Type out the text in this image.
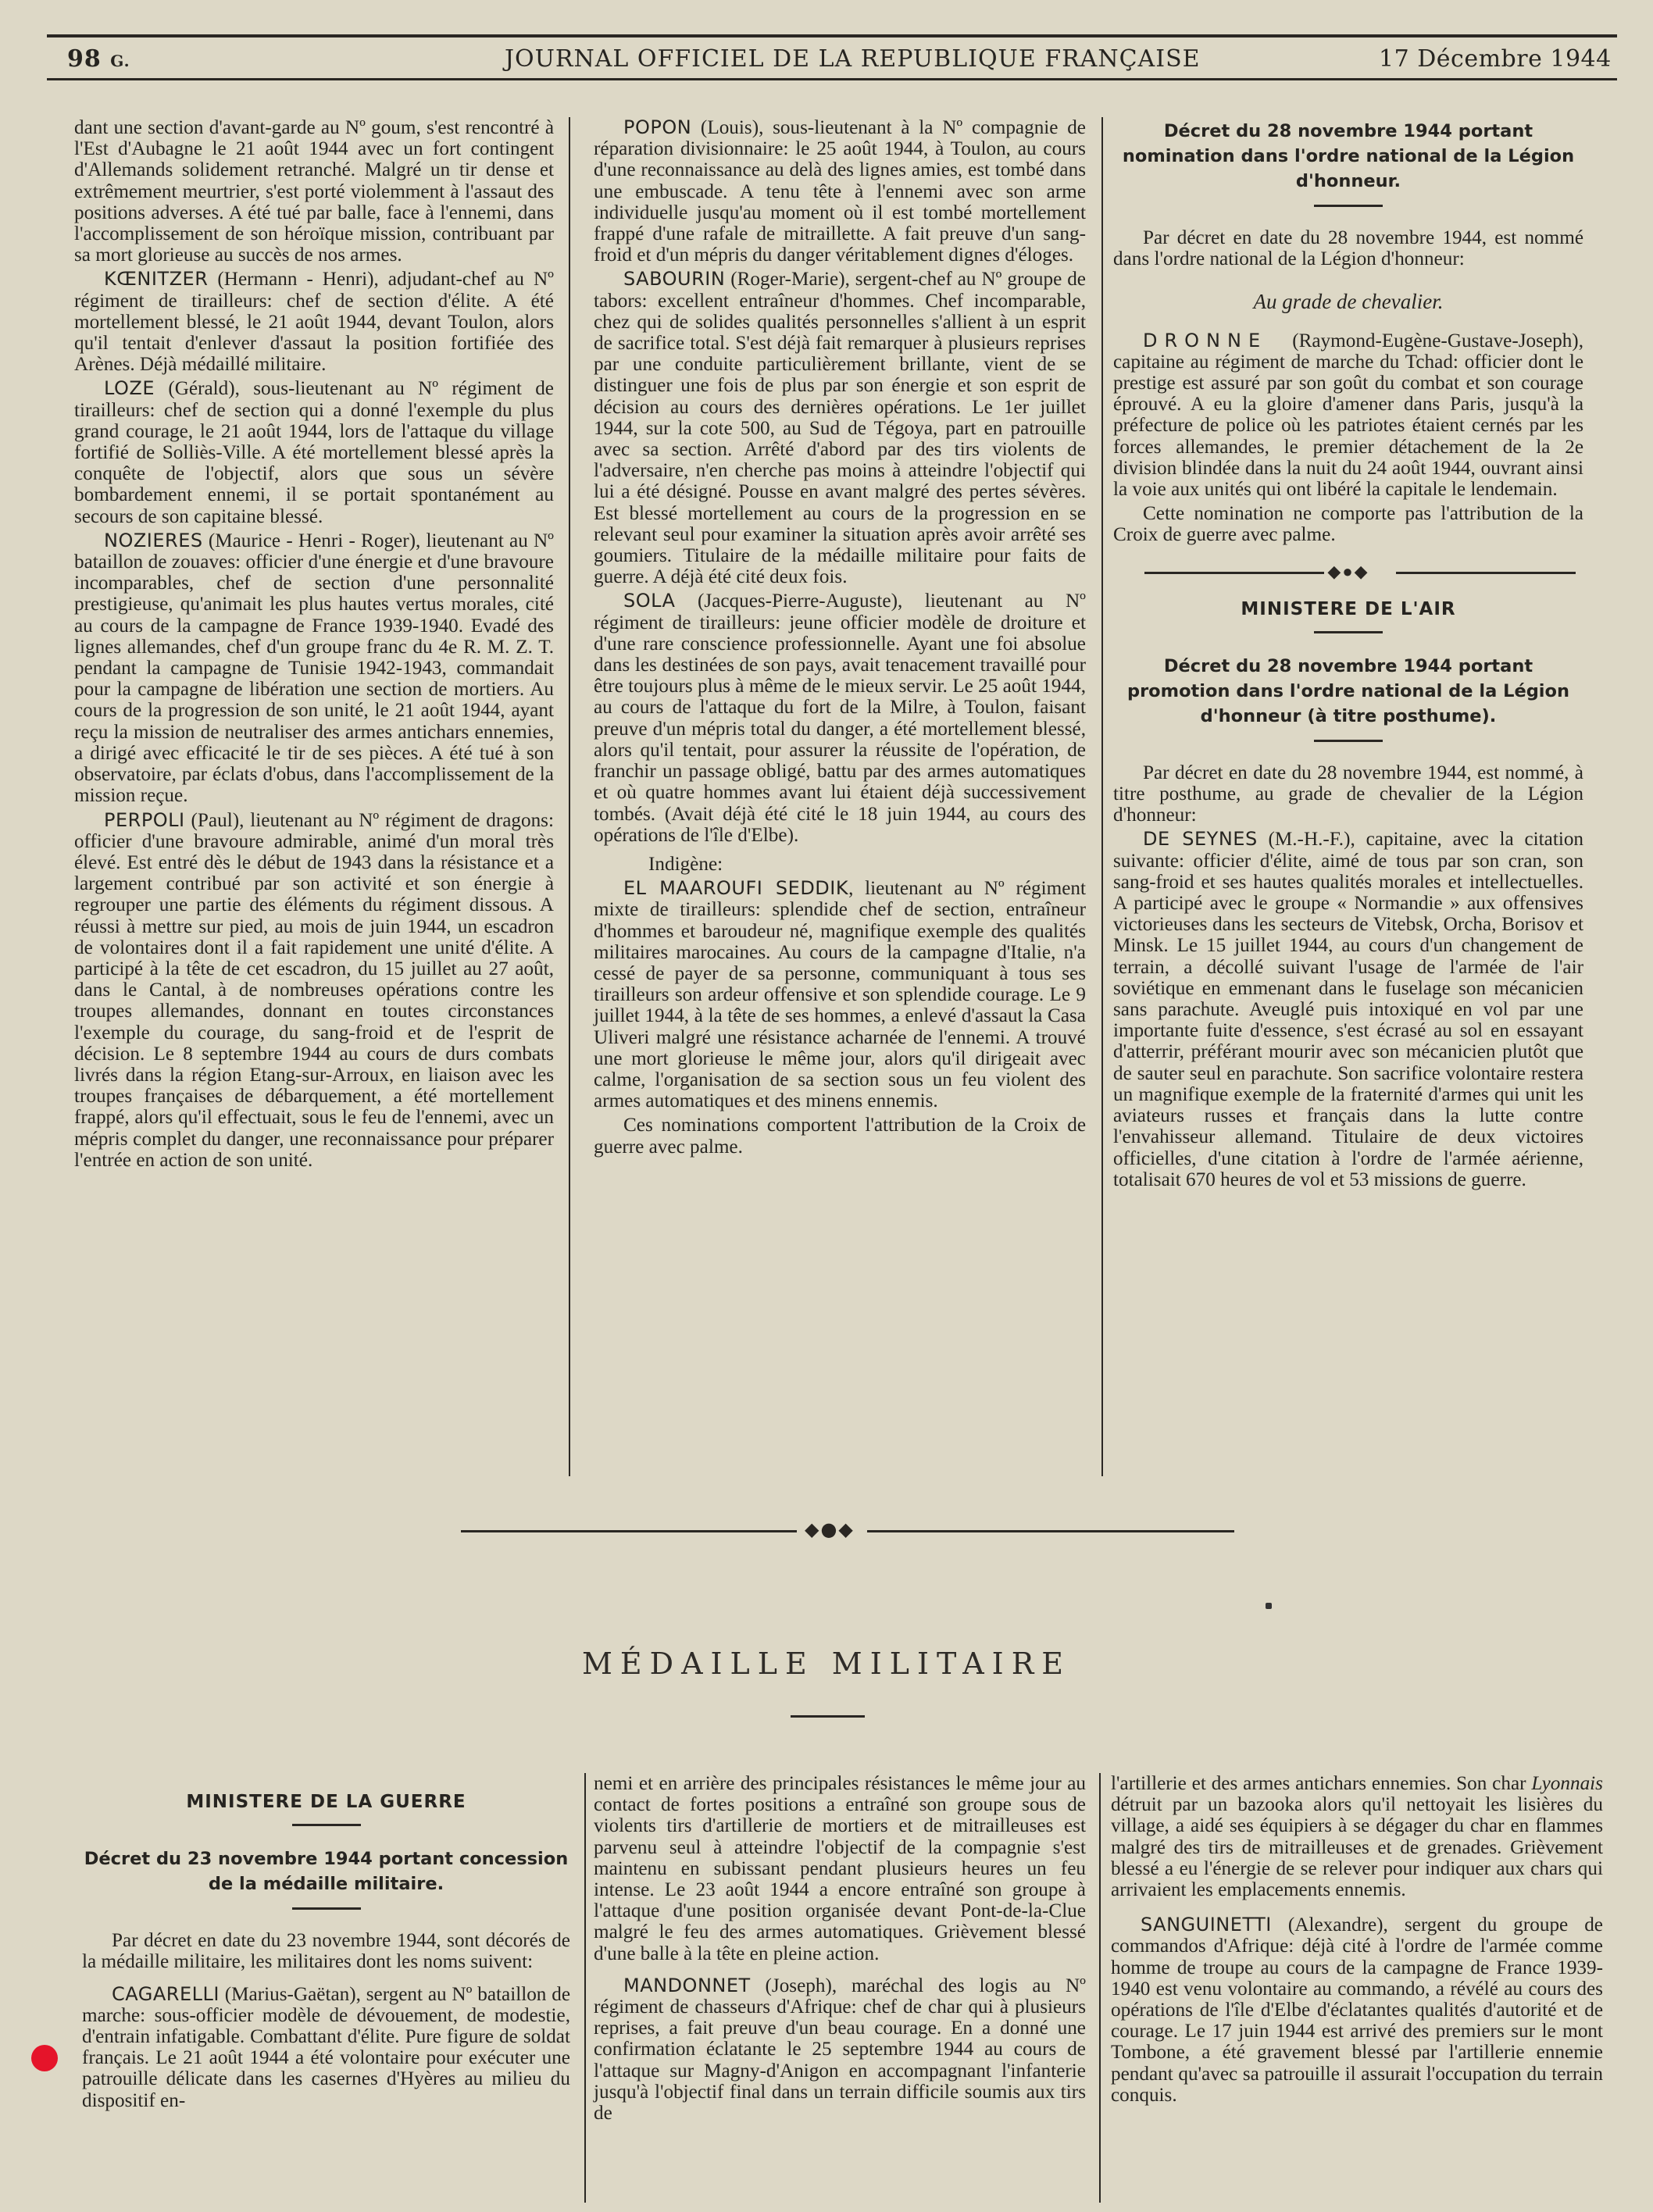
98 G.	JOURNAL OFFICIEL DE LA REPUBLIQUE FRANÇAISE	17 Décembre 1944

dant une section d'avant-garde au Nº goum, s'est rencontré à l'Est d'Aubagne le 21 août 1944 avec un fort contingent d'Allemands solidement retranché. Malgré un tir dense et extrêmement meurtrier, s'est porté violemment à l'assaut des positions adverses. A été tué par balle, face à l'ennemi, dans l'accomplissement de son héroïque mission, contribuant par sa mort glorieuse au succès de nos armes.

KŒNITZER (Hermann - Henri), adjudant-chef au Nº régiment de tirailleurs: chef de section d'élite. A été mortellement blessé, le 21 août 1944, devant Toulon, alors qu'il tentait d'enlever d'assaut la position fortifiée des Arènes. Déjà médaillé militaire.

LOZE (Gérald), sous-lieutenant au Nº régiment de tirailleurs: chef de section qui a donné l'exemple du plus grand courage, le 21 août 1944, lors de l'attaque du village fortifié de Solliès-Ville. A été mortellement blessé après la conquête de l'objectif, alors que sous un sévère bombardement ennemi, il se portait spontanément au secours de son capitaine blessé.

NOZIERES (Maurice - Henri - Roger), lieutenant au Nº bataillon de zouaves: officier d'une énergie et d'une bravoure incomparables, chef de section d'une personnalité prestigieuse, qu'animait les plus hautes vertus morales, cité au cours de la campagne de France 1939-1940. Evadé des lignes allemandes, chef d'un groupe franc du 4e R. M. Z. T. pendant la campagne de Tunisie 1942-1943, commandait pour la campagne de libération une section de mortiers. Au cours de la progression de son unité, le 21 août 1944, ayant reçu la mission de neutraliser des armes antichars ennemies, a dirigé avec efficacité le tir de ses pièces. A été tué à son observatoire, par éclats d'obus, dans l'accomplissement de la mission reçue.

PERPOLI (Paul), lieutenant au Nº régiment de dragons: officier d'une bravoure admirable, animé d'un moral très élevé. Est entré dès le début de 1943 dans la résistance et a largement contribué par son activité et son énergie à regrouper une partie des éléments du régiment dissous. A réussi à mettre sur pied, au mois de juin 1944, un escadron de volontaires dont il a fait rapidement une unité d'élite. A participé à la tête de cet escadron, du 15 juillet au 27 août, dans le Cantal, à de nombreuses opérations contre les troupes allemandes, donnant en toutes circonstances l'exemple du courage, du sang-froid et de l'esprit de décision. Le 8 septembre 1944 au cours de durs combats livrés dans la région Etang-sur-Arroux, en liaison avec les troupes françaises de débarquement, a été mortellement frappé, alors qu'il effectuait, sous le feu de l'ennemi, avec un mépris complet du danger, une reconnaissance pour préparer l'entrée en action de son unité.

POPON (Louis), sous-lieutenant à la Nº compagnie de réparation divisionnaire: le 25 août 1944, à Toulon, au cours d'une reconnaissance au delà des lignes amies, est tombé dans une embuscade. A tenu tête à l'ennemi avec son arme individuelle jusqu'au moment où il est tombé mortellement frappé d'une rafale de mitraillette. A fait preuve d'un sang-froid et d'un mépris du danger véritablement dignes d'éloges.

SABOURIN (Roger-Marie), sergent-chef au Nº groupe de tabors: excellent entraîneur d'hommes. Chef incomparable, chez qui de solides qualités personnelles s'allient à un esprit de sacrifice total. S'est déjà fait remarquer à plusieurs reprises par une conduite particulièrement brillante, vient de se distinguer une fois de plus par son énergie et son esprit de décision au cours des dernières opérations. Le 1er juillet 1944, sur la cote 500, au Sud de Tégoya, part en patrouille avec sa section. Arrêté d'abord par des tirs violents de l'adversaire, n'en cherche pas moins à atteindre l'objectif qui lui a été désigné. Pousse en avant malgré des pertes sévères. Est blessé mortellement au cours de la progression en se relevant seul pour examiner la situation après avoir arrêté ses goumiers. Titulaire de la médaille militaire pour faits de guerre. A déjà été cité deux fois.

SOLA (Jacques-Pierre-Auguste), lieutenant au Nº régiment de tirailleurs: jeune officier modèle de droiture et d'une rare conscience professionnelle. Ayant une foi absolue dans les destinées de son pays, avait tenacement travaillé pour être toujours plus à même de le mieux servir. Le 25 août 1944, au cours de l'attaque du fort de la Milre, à Toulon, faisant preuve d'un mépris total du danger, a été mortellement blessé, alors qu'il tentait, pour assurer la réussite de l'opération, de franchir un passage obligé, battu par des armes automatiques et où quatre hommes avant lui étaient déjà successivement tombés. (Avait déjà été cité le 18 juin 1944, au cours des opérations de l'île d'Elbe).

Indigène:

EL MAAROUFI SEDDIK, lieutenant au Nº régiment mixte de tirailleurs: splendide chef de section, entraîneur d'hommes et baroudeur né, magnifique exemple des qualités militaires marocaines. Au cours de la campagne d'Italie, n'a cessé de payer de sa personne, communiquant à tous ses tirailleurs son ardeur offensive et son splendide courage. Le 9 juillet 1944, à la tête de ses hommes, a enlevé d'assaut la Casa Uliveri malgré une résistance acharnée de l'ennemi. A trouvé une mort glorieuse le même jour, alors qu'il dirigeait avec calme, l'organisation de sa section sous un feu violent des armes automatiques et des minens ennemis.

Ces nominations comportent l'attribution de la Croix de guerre avec palme.

Décret du 28 novembre 1944 portant nomination dans l'ordre national de la Légion d'honneur.

Par décret en date du 28 novembre 1944, est nommé dans l'ordre national de la Légion d'honneur:

Au grade de chevalier.

DRONNE (Raymond-Eugène-Gustave-Joseph), capitaine au régiment de marche du Tchad: officier dont le prestige est assuré par son goût du combat et son courage éprouvé. A eu la gloire d'amener dans Paris, jusqu'à la préfecture de police où les patriotes étaient cernés par les forces allemandes, le premier détachement de la 2e division blindée dans la nuit du 24 août 1944, ouvrant ainsi la voie aux unités qui ont libéré la capitale le lendemain.

Cette nomination ne comporte pas l'attribution de la Croix de guerre avec palme.

◆●◆

MINISTERE DE L'AIR

Décret du 28 novembre 1944 portant promotion dans l'ordre national de la Légion d'honneur (à titre posthume).

Par décret en date du 28 novembre 1944, est nommé, à titre posthume, au grade de chevalier de la Légion d'honneur:

DE SEYNES (M.-H.-F.), capitaine, avec la citation suivante: officier d'élite, aimé de tous par son cran, son sang-froid et ses hautes qualités morales et intellectuelles. A participé avec le groupe « Normandie » aux offensives victorieuses dans les secteurs de Vitebsk, Orcha, Borisov et Minsk. Le 15 juillet 1944, au cours d'un changement de terrain, a décollé suivant l'usage de l'armée de l'air soviétique en emmenant dans le fuselage son mécanicien sans parachute. Aveuglé puis intoxiqué en vol par une importante fuite d'essence, s'est écrasé au sol en essayant d'atterrir, préférant mourir avec son mécanicien plutôt que de sauter seul en parachute. Son sacrifice volontaire restera un magnifique exemple de la fraternité d'armes qui unit les aviateurs russes et français dans la lutte contre l'envahisseur allemand. Titulaire de deux victoires officielles, d'une citation à l'ordre de l'armée aérienne, totalisait 670 heures de vol et 53 missions de guerre.

◆●◆
MÉDAILLE MILITAIRE

MINISTERE DE LA GUERRE

Décret du 23 novembre 1944 portant concession de la médaille militaire.

Par décret en date du 23 novembre 1944, sont décorés de la médaille militaire, les militaires dont les noms suivent:

CAGARELLI (Marius-Gaëtan), sergent au Nº bataillon de marche: sous-officier modèle de dévouement, de modestie, d'entrain infatigable. Combattant d'élite. Pure figure de soldat français. Le 21 août 1944 a été volontaire pour exécuter une patrouille délicate dans les casernes d'Hyères au milieu du dispositif en-

nemi et en arrière des principales résistances le même jour au contact de fortes positions a entraîné son groupe sous de violents tirs d'artillerie de mortiers et de mitrailleuses est parvenu seul à atteindre l'objectif de la compagnie s'est maintenu en subissant pendant plusieurs heures un feu intense. Le 23 août 1944 a encore entraîné son groupe à l'attaque d'une position organisée devant Pont-de-la-Clue malgré le feu des armes automatiques. Grièvement blessé d'une balle à la tête en pleine action.

MANDONNET (Joseph), maréchal des logis au Nº régiment de chasseurs d'Afrique: chef de char qui à plusieurs reprises, a fait preuve d'un beau courage. En a donné une confirmation éclatante le 25 septembre 1944 au cours de l'attaque sur Magny-d'Anigon en accompagnant l'infanterie jusqu'à l'objectif final dans un terrain difficile soumis aux tirs de

l'artillerie et des armes antichars ennemies. Son char Lyonnais détruit par un bazooka alors qu'il nettoyait les lisières du village, a aidé ses équipiers à se dégager du char en flammes malgré des tirs de mitrailleuses et de grenades. Grièvement blessé a eu l'énergie de se relever pour indiquer aux chars qui arrivaient les emplacements ennemis.

SANGUINETTI (Alexandre), sergent du groupe de commandos d'Afrique: déjà cité à l'ordre de l'armée comme homme de troupe au cours de la campagne de France 1939-1940 est venu volontaire au commando, a révélé au cours des opérations de l'île d'Elbe d'éclatantes qualités d'autorité et de courage. Le 17 juin 1944 est arrivé des premiers sur le mont Tombone, a été gravement blessé par l'artillerie ennemie pendant qu'avec sa patrouille il assurait l'occupation du terrain conquis.
